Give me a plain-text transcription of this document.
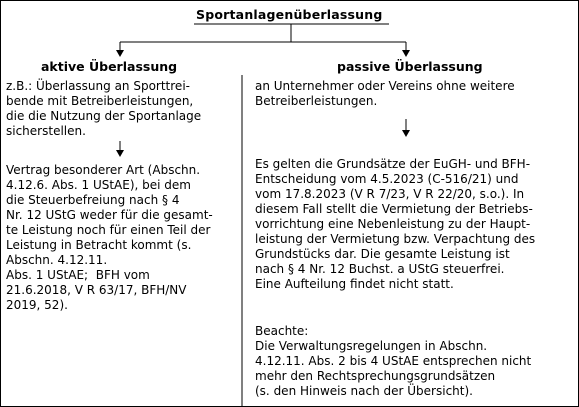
Sportanlagenüberlassung
aktive Überlassung	passive Überlassung
z.B.: Überlassung an Sporttrei-
bende mit Betreiberleistungen,
die die Nutzung der Sportanlage
sicherstellen.
Vertrag besonderer Art (Abschn.
4.12.6. Abs. 1 UStAE), bei dem
die Steuerbefreiung nach § 4
Nr. 12 UStG weder für die gesamt-
te Leistung noch für einen Teil der
Leistung in Betracht kommt (s.
Abschn. 4.12.11.
Abs. 1 UStAE;  BFH vom
21.6.2018, V R 63/17, BFH/NV
2019, 52).
an Unternehmer oder Vereins ohne weitere
Betreiberleistungen.
Es gelten die Grundsätze der EuGH- und BFH-
Entscheidung vom 4.5.2023 (C-516/21) und
vom 17.8.2023 (V R 7/23, V R 22/20, s.o.). In
diesem Fall stellt die Vermietung der Betriebs-
vorrichtung eine Nebenleistung zu der Haupt-
leistung der Vermietung bzw. Verpachtung des
Grundstücks dar. Die gesamte Leistung ist
nach § 4 Nr. 12 Buchst. a UStG steuerfrei.
Eine Aufteilung findet nicht statt.
Beachte:
Die Verwaltungsregelungen in Abschn.
4.12.11. Abs. 2 bis 4 UStAE entsprechen nicht
mehr den Rechtsprechungsgrundsätzen
(s. den Hinweis nach der Übersicht).
